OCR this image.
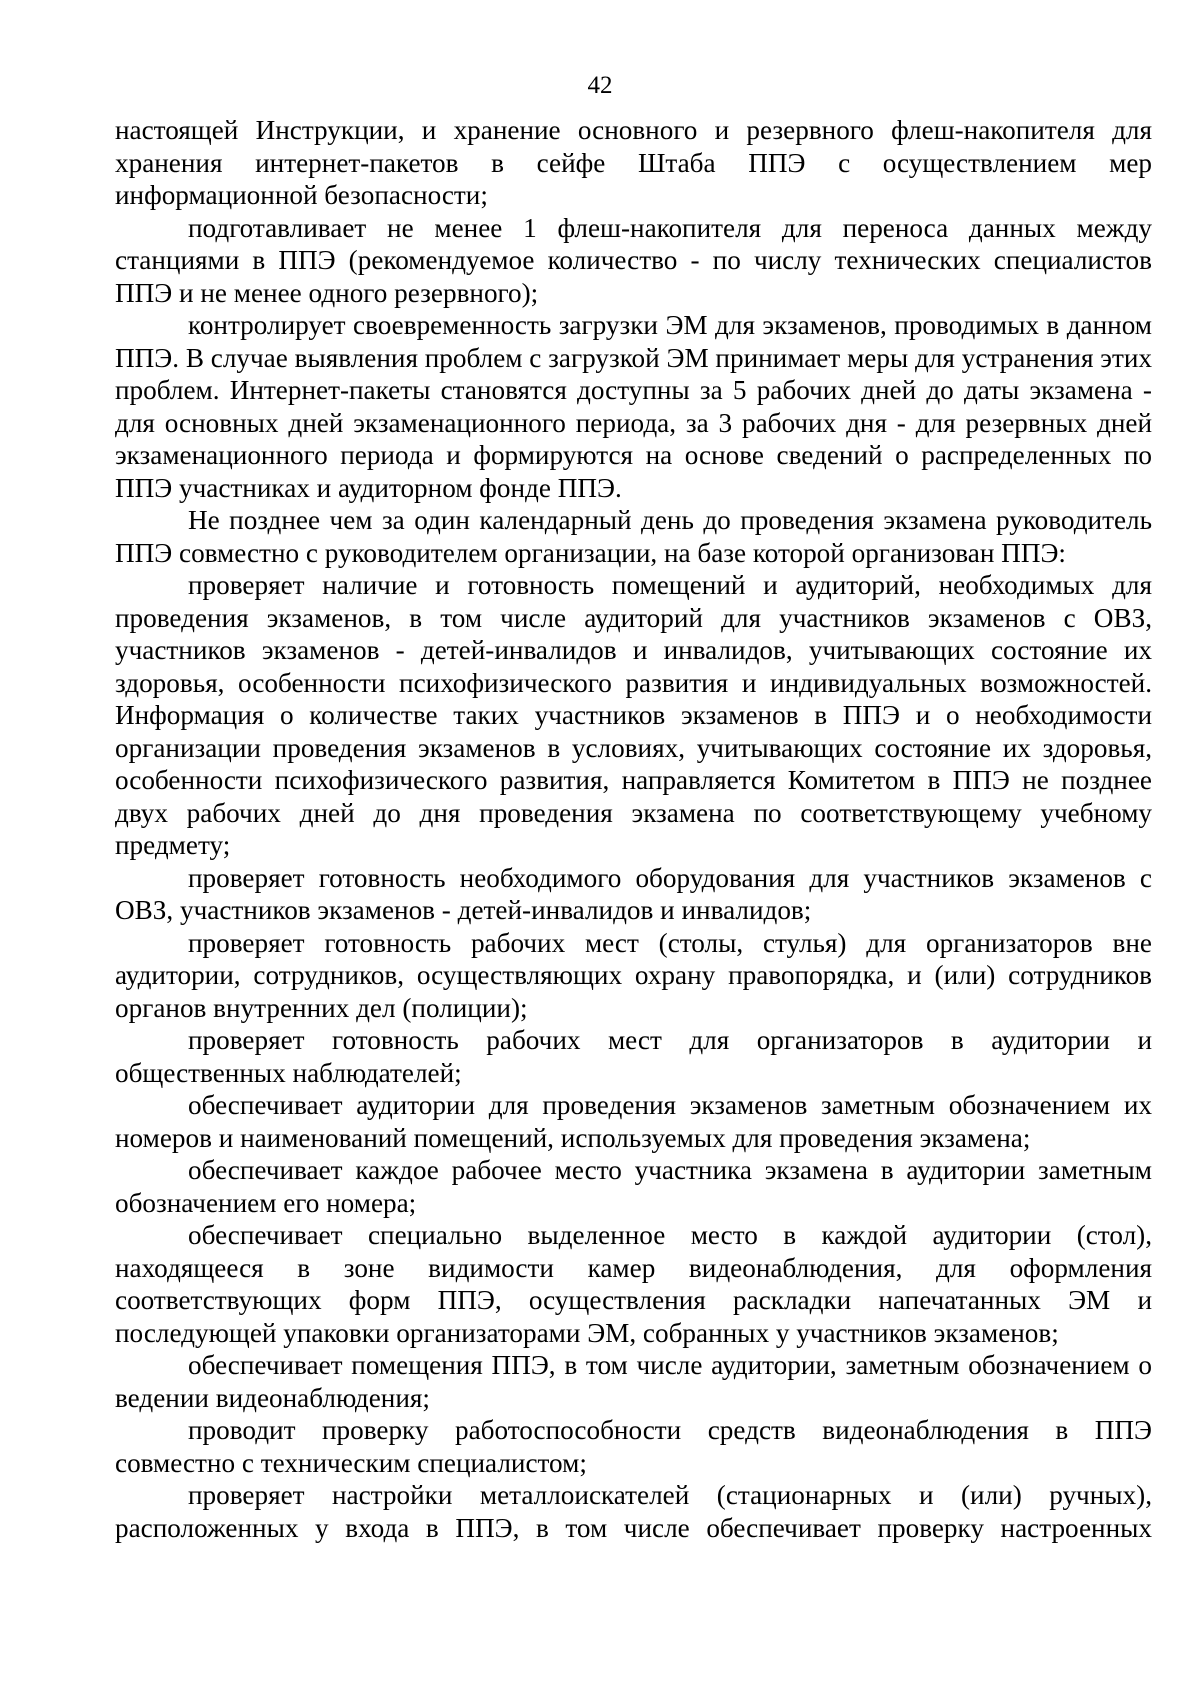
42

настоящей Инструкции, и хранение основного и резервного флеш-накопителя для хранения интернет-пакетов в сейфе Штаба ППЭ с осуществлением мер информационной безопасности;

подготавливает не менее 1 флеш-накопителя для переноса данных между станциями в ППЭ (рекомендуемое количество - по числу технических специалистов ППЭ и не менее одного резервного);

контролирует своевременность загрузки ЭМ для экзаменов, проводимых в данном ППЭ. В случае выявления проблем с загрузкой ЭМ принимает меры для устранения этих проблем. Интернет-пакеты становятся доступны за 5 рабочих дней до даты экзамена - для основных дней экзаменационного периода, за 3 рабочих дня - для резервных дней экзаменационного периода и формируются на основе сведений о распределенных по ППЭ участниках и аудиторном фонде ППЭ.

Не позднее чем за один календарный день до проведения экзамена руководитель ППЭ совместно с руководителем организации, на базе которой организован ППЭ:

проверяет наличие и готовность помещений и аудиторий, необходимых для проведения экзаменов, в том числе аудиторий для участников экзаменов с ОВЗ, участников экзаменов - детей-инвалидов и инвалидов, учитывающих состояние их здоровья, особенности психофизического развития и индивидуальных возможностей. Информация о количестве таких участников экзаменов в ППЭ и о необходимости организации проведения экзаменов в условиях, учитывающих состояние их здоровья, особенности психофизического развития, направляется Комитетом в ППЭ не позднее двух рабочих дней до дня проведения экзамена по соответствующему учебному предмету;

проверяет готовность необходимого оборудования для участников экзаменов с ОВЗ, участников экзаменов - детей-инвалидов и инвалидов;

проверяет готовность рабочих мест (столы, стулья) для организаторов вне аудитории, сотрудников, осуществляющих охрану правопорядка, и (или) сотрудников органов внутренних дел (полиции);

проверяет готовность рабочих мест для организаторов в аудитории и общественных наблюдателей;

обеспечивает аудитории для проведения экзаменов заметным обозначением их номеров и наименований помещений, используемых для проведения экзамена;

обеспечивает каждое рабочее место участника экзамена в аудитории заметным обозначением его номера;

обеспечивает специально выделенное место в каждой аудитории (стол), находящееся в зоне видимости камер видеонаблюдения, для оформления соответствующих форм ППЭ, осуществления раскладки напечатанных ЭМ и последующей упаковки организаторами ЭМ, собранных у участников экзаменов;

обеспечивает помещения ППЭ, в том числе аудитории, заметным обозначением о ведении видеонаблюдения;

проводит проверку работоспособности средств видеонаблюдения в ППЭ совместно с техническим специалистом;

проверяет настройки металлоискателей (стационарных и (или) ручных), расположенных у входа в ППЭ, в том числе обеспечивает проверку настроенных
